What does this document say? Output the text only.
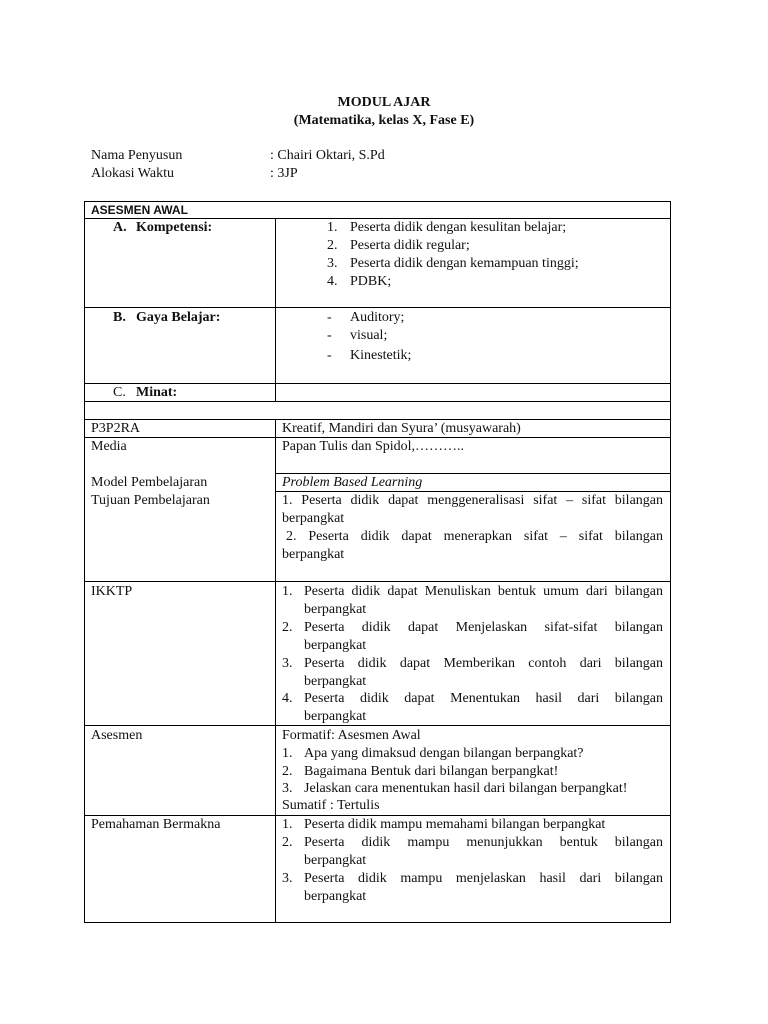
MODUL AJAR
(Matematika, kelas X, Fase E)
Nama Penyusun	: Chairi Oktari, S.Pd
Alokasi Waktu	: 3JP
ASESMEN AWAL
A. Kompetensi:	1. Peserta didik dengan kesulitan belajar;
2. Peserta didik regular;
3. Peserta didik dengan kemampuan tinggi;
4. PDBK;
B. Gaya Belajar:	- Auditory;
- visual;
- Kinestetik;
C. Minat:
P3P2RA	Kreatif, Mandiri dan Syura’ (musyawarah)
Media	Papan Tulis dan Spidol,………..
Model Pembelajaran	Problem Based Learning
Tujuan Pembelajaran	1. Peserta didik dapat menggeneralisasi sifat – sifat bilangan
berpangkat
2. Peserta didik dapat menerapkan sifat – sifat bilangan
berpangkat
IKKTP	1. Peserta didik dapat Menuliskan bentuk umum dari bilangan
berpangkat
2. Peserta didik dapat Menjelaskan sifat-sifat bilangan
berpangkat
3. Peserta didik dapat Memberikan contoh dari bilangan
berpangkat
4. Peserta didik dapat Menentukan hasil dari bilangan
berpangkat
Asesmen	Formatif: Asesmen Awal
1. Apa yang dimaksud dengan bilangan berpangkat?
2. Bagaimana Bentuk dari bilangan berpangkat!
3. Jelaskan cara menentukan hasil dari bilangan berpangkat!
Sumatif : Tertulis
Pemahaman Bermakna	1. Peserta didik mampu memahami bilangan berpangkat
2. Peserta didik mampu menunjukkan bentuk bilangan
berpangkat
3. Peserta didik mampu menjelaskan hasil dari bilangan
berpangkat
